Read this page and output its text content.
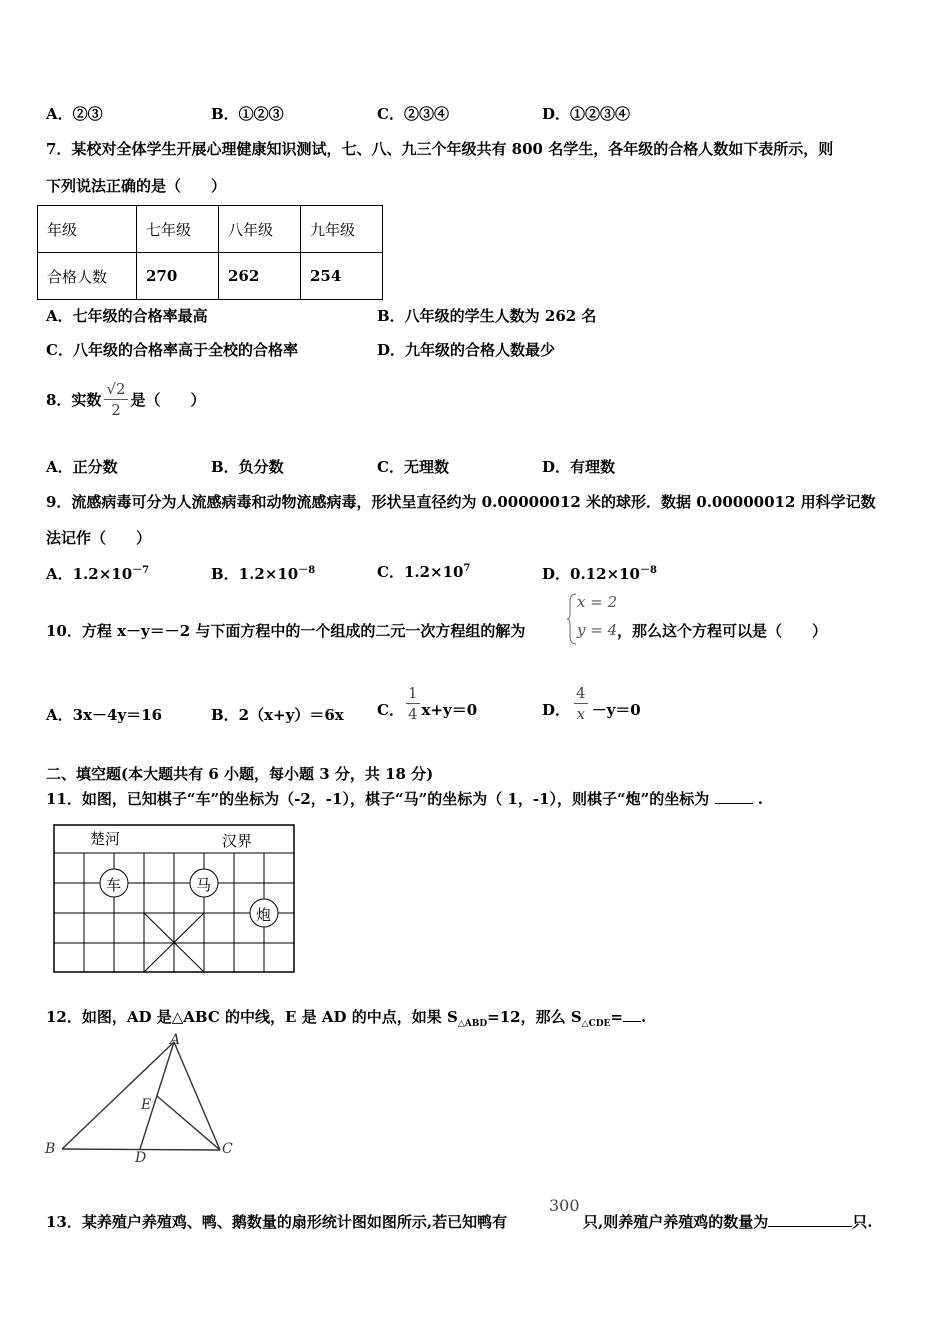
A．②③	B．①②③	C．②③④	D．①②③④
7．某校对全体学生开展心理健康知识测试，七、八、九三个年级共有 800 名学生，各年级的合格人数如下表所示，则
下列说法正确的是（　　）
年级	七年级	八年级	九年级
合格人数	270	262	254
A．七年级的合格率最高	B．八年级的学生人数为 262 名
C．八年级的合格率高于全校的合格率	D．九年级的合格人数最少
8．实数 $\frac{√2}{2}$ 是（　　）
A．正分数	B．负分数	C．无理数	D．有理数
9．流感病毒可分为人流感病毒和动物流感病毒，形状呈直径约为 0.00000012 米的球形．数据 0.00000012 用科学记数
法记作（　　）
A．$1.2\times 10^{-7}$	B．$1.2\times 10^{-8}$	C．$1.2\times 10^7$	D．$0.12\times 10^{-8}$
10．方程 x－y＝－2 与下面方程中的一个组成的二元一次方程组的解为
x = 2
y = 4 ，那么这个方程可以是（　　）
A．3x－4y＝16	B．2（x+y）＝6x C． $\frac{1}{4} x+y=0$	D． $\frac{4}{x} -y=0$
二、填空题(本大题共有 6 小题，每小题 3 分，共 18 分)
11．如图，已知棋子“车”的坐标为（-2，-1），棋子“马”的坐标为（ 1，-1），则棋子“炮”的坐标为	.
楚河	汉界
车	马
炮
12．如图，AD 是△ABC 的中线，E 是 AD 的中点，如果 $S_{\triangle ABD}=12$，那么 $S_{\triangle CDE}=$ .
A
B	C
D
E
13．某养殖户养殖鸡、鸭、鹅数量的扇形统计图如图所示,若已知鸭有
300
只,则养殖户养殖鸡的数量为	只.
